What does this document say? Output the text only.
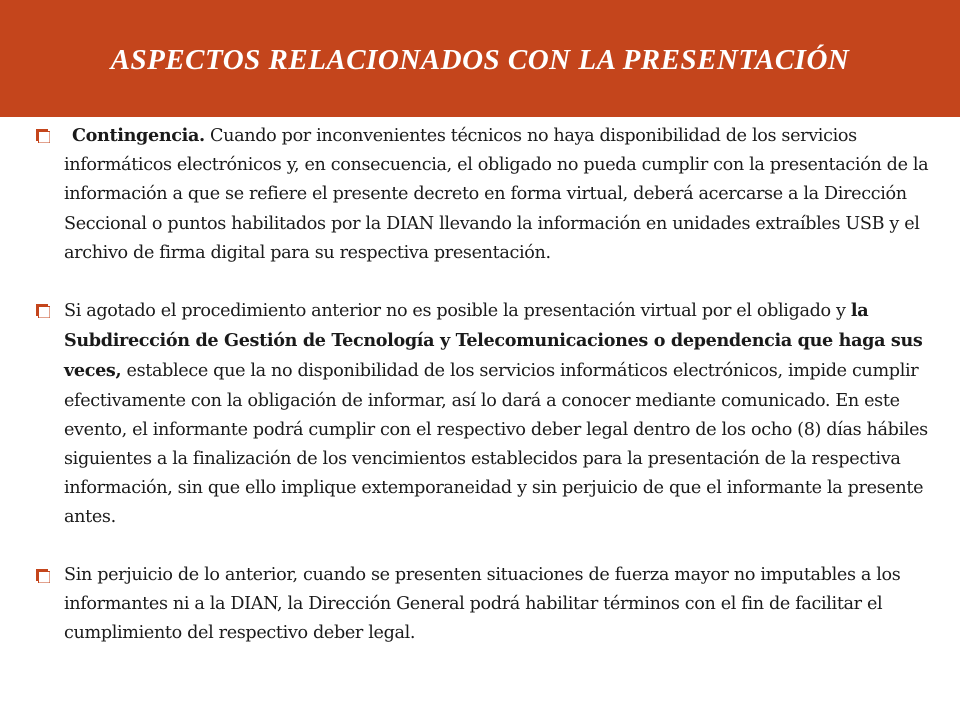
ASPECTOS RELACIONADOS CON LA PRESENTACIÓN

Contingencia. Cuando por inconvenientes técnicos no haya disponibilidad de los servicios informáticos electrónicos y, en consecuencia, el obligado no pueda cumplir con la presentación de la información a que se refiere el presente decreto en forma virtual, deberá acercarse a la Dirección Seccional o puntos habilitados por la DIAN llevando la información en unidades extraíbles USB y el archivo de firma digital para su respectiva presentación.

Si agotado el procedimiento anterior no es posible la presentación virtual por el obligado y la Subdirección de Gestión de Tecnología y Telecomunicaciones o dependencia que haga sus veces, establece que la no disponibilidad de los servicios informáticos electrónicos, impide cumplir efectivamente con la obligación de informar, así lo dará a conocer mediante comunicado. En este evento, el informante podrá cumplir con el respectivo deber legal dentro de los ocho (8) días hábiles siguientes a la finalización de los vencimientos establecidos para la presentación de la respectiva información, sin que ello implique extemporaneidad y sin perjuicio de que el informante la presente antes.

Sin perjuicio de lo anterior, cuando se presenten situaciones de fuerza mayor no imputables a los informantes ni a la DIAN, la Dirección General podrá habilitar términos con el fin de facilitar el cumplimiento del respectivo deber legal.
